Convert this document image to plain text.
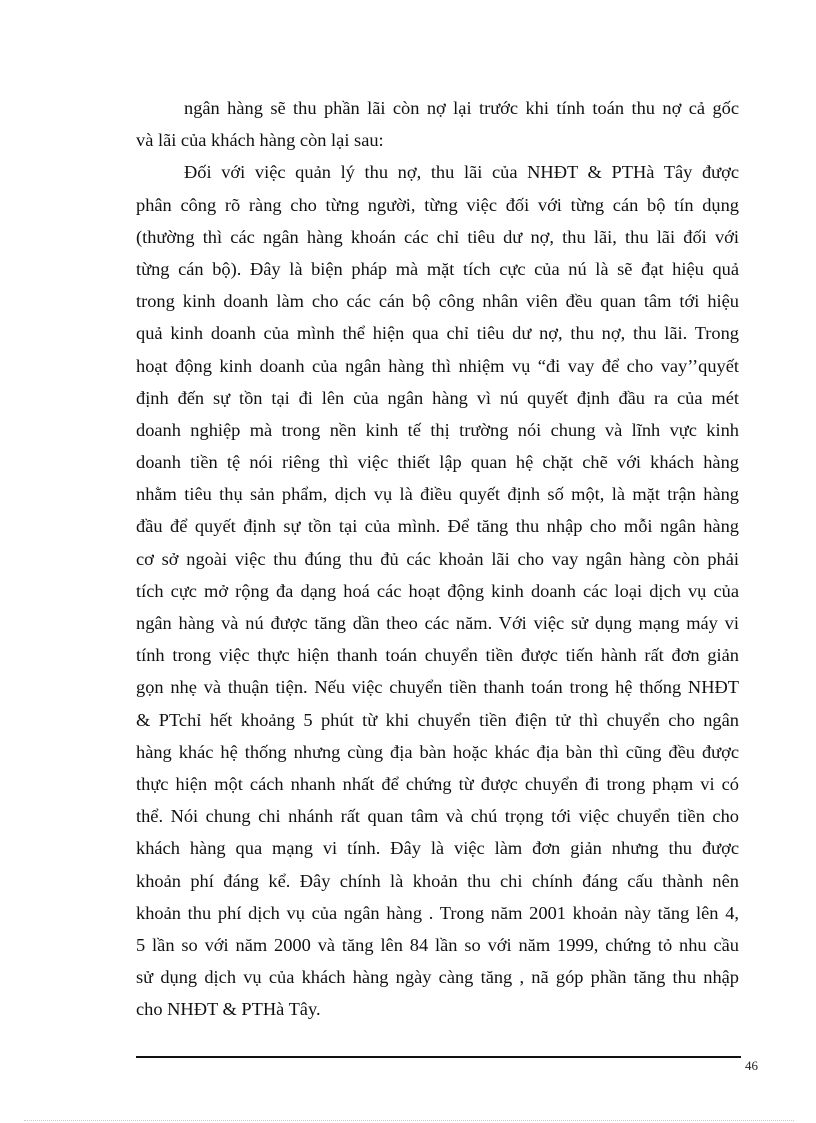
ngân hàng sẽ thu phần lãi còn nợ lại trước khi tính toán thu nợ cả gốc
và lãi của khách hàng còn lại sau:
Đối với việc quản lý thu nợ, thu lãi của NHĐT & PTHà Tây được
phân công rõ ràng cho từng người, từng việc đối với từng cán bộ tín dụng
(thường thì các ngân hàng khoán các chỉ tiêu dư nợ, thu lãi, thu lãi đối với
từng cán bộ). Đây là biện pháp mà mặt tích cực của nú là sẽ đạt hiệu quả
trong kinh doanh làm cho các cán bộ công nhân viên đều quan tâm tới hiệu
quả kinh doanh của mình thể hiện qua chỉ tiêu dư nợ, thu nợ, thu lãi. Trong
hoạt động kinh doanh của ngân hàng thì nhiệm vụ “đi vay để cho vay’’quyết
định đến sự tồn tại đi lên của ngân hàng vì nú quyết định đầu ra của mét
doanh nghiệp mà trong nền kinh tế thị trường nói chung và lĩnh vực kinh
doanh tiền tệ nói riêng thì việc thiết lập quan hệ chặt chẽ với khách hàng
nhằm tiêu thụ sản phẩm, dịch vụ là điều quyết định số một, là mặt trận hàng
đầu để quyết định sự tồn tại của mình. Để tăng thu nhập cho mỗi ngân hàng
cơ sở ngoài việc thu đúng thu đủ các khoản lãi cho vay ngân hàng còn phải
tích cực mở rộng đa dạng hoá các hoạt động kinh doanh các loại dịch vụ của
ngân hàng và nú được tăng dần theo các năm. Với việc sử dụng mạng máy vi
tính trong việc thực hiện thanh toán chuyển tiền được tiến hành rất đơn giản
gọn nhẹ và thuận tiện. Nếu việc chuyển tiền thanh toán trong hệ thống NHĐT
& PTchỉ hết khoảng 5 phút từ khi chuyển tiền điện tử thì chuyển cho ngân
hàng khác hệ thống nhưng cùng địa bàn hoặc khác địa bàn thì cũng đều được
thực hiện một cách nhanh nhất để chứng từ được chuyển đi trong phạm vi có
thể. Nói chung chi nhánh rất quan tâm và chú trọng tới việc chuyển tiền cho
khách hàng qua mạng vi tính. Đây là việc làm đơn giản nhưng thu được
khoản phí đáng kể. Đây chính là khoản thu chi chính đáng cấu thành nên
khoản thu phí dịch vụ của ngân hàng . Trong năm 2001 khoản này tăng lên 4,
5 lần so với năm 2000 và tăng lên 84 lần so với năm 1999, chứng tỏ nhu cầu
sử dụng dịch vụ của khách hàng ngày càng tăng , nã góp phần tăng thu nhập
cho NHĐT & PTHà Tây.
46
